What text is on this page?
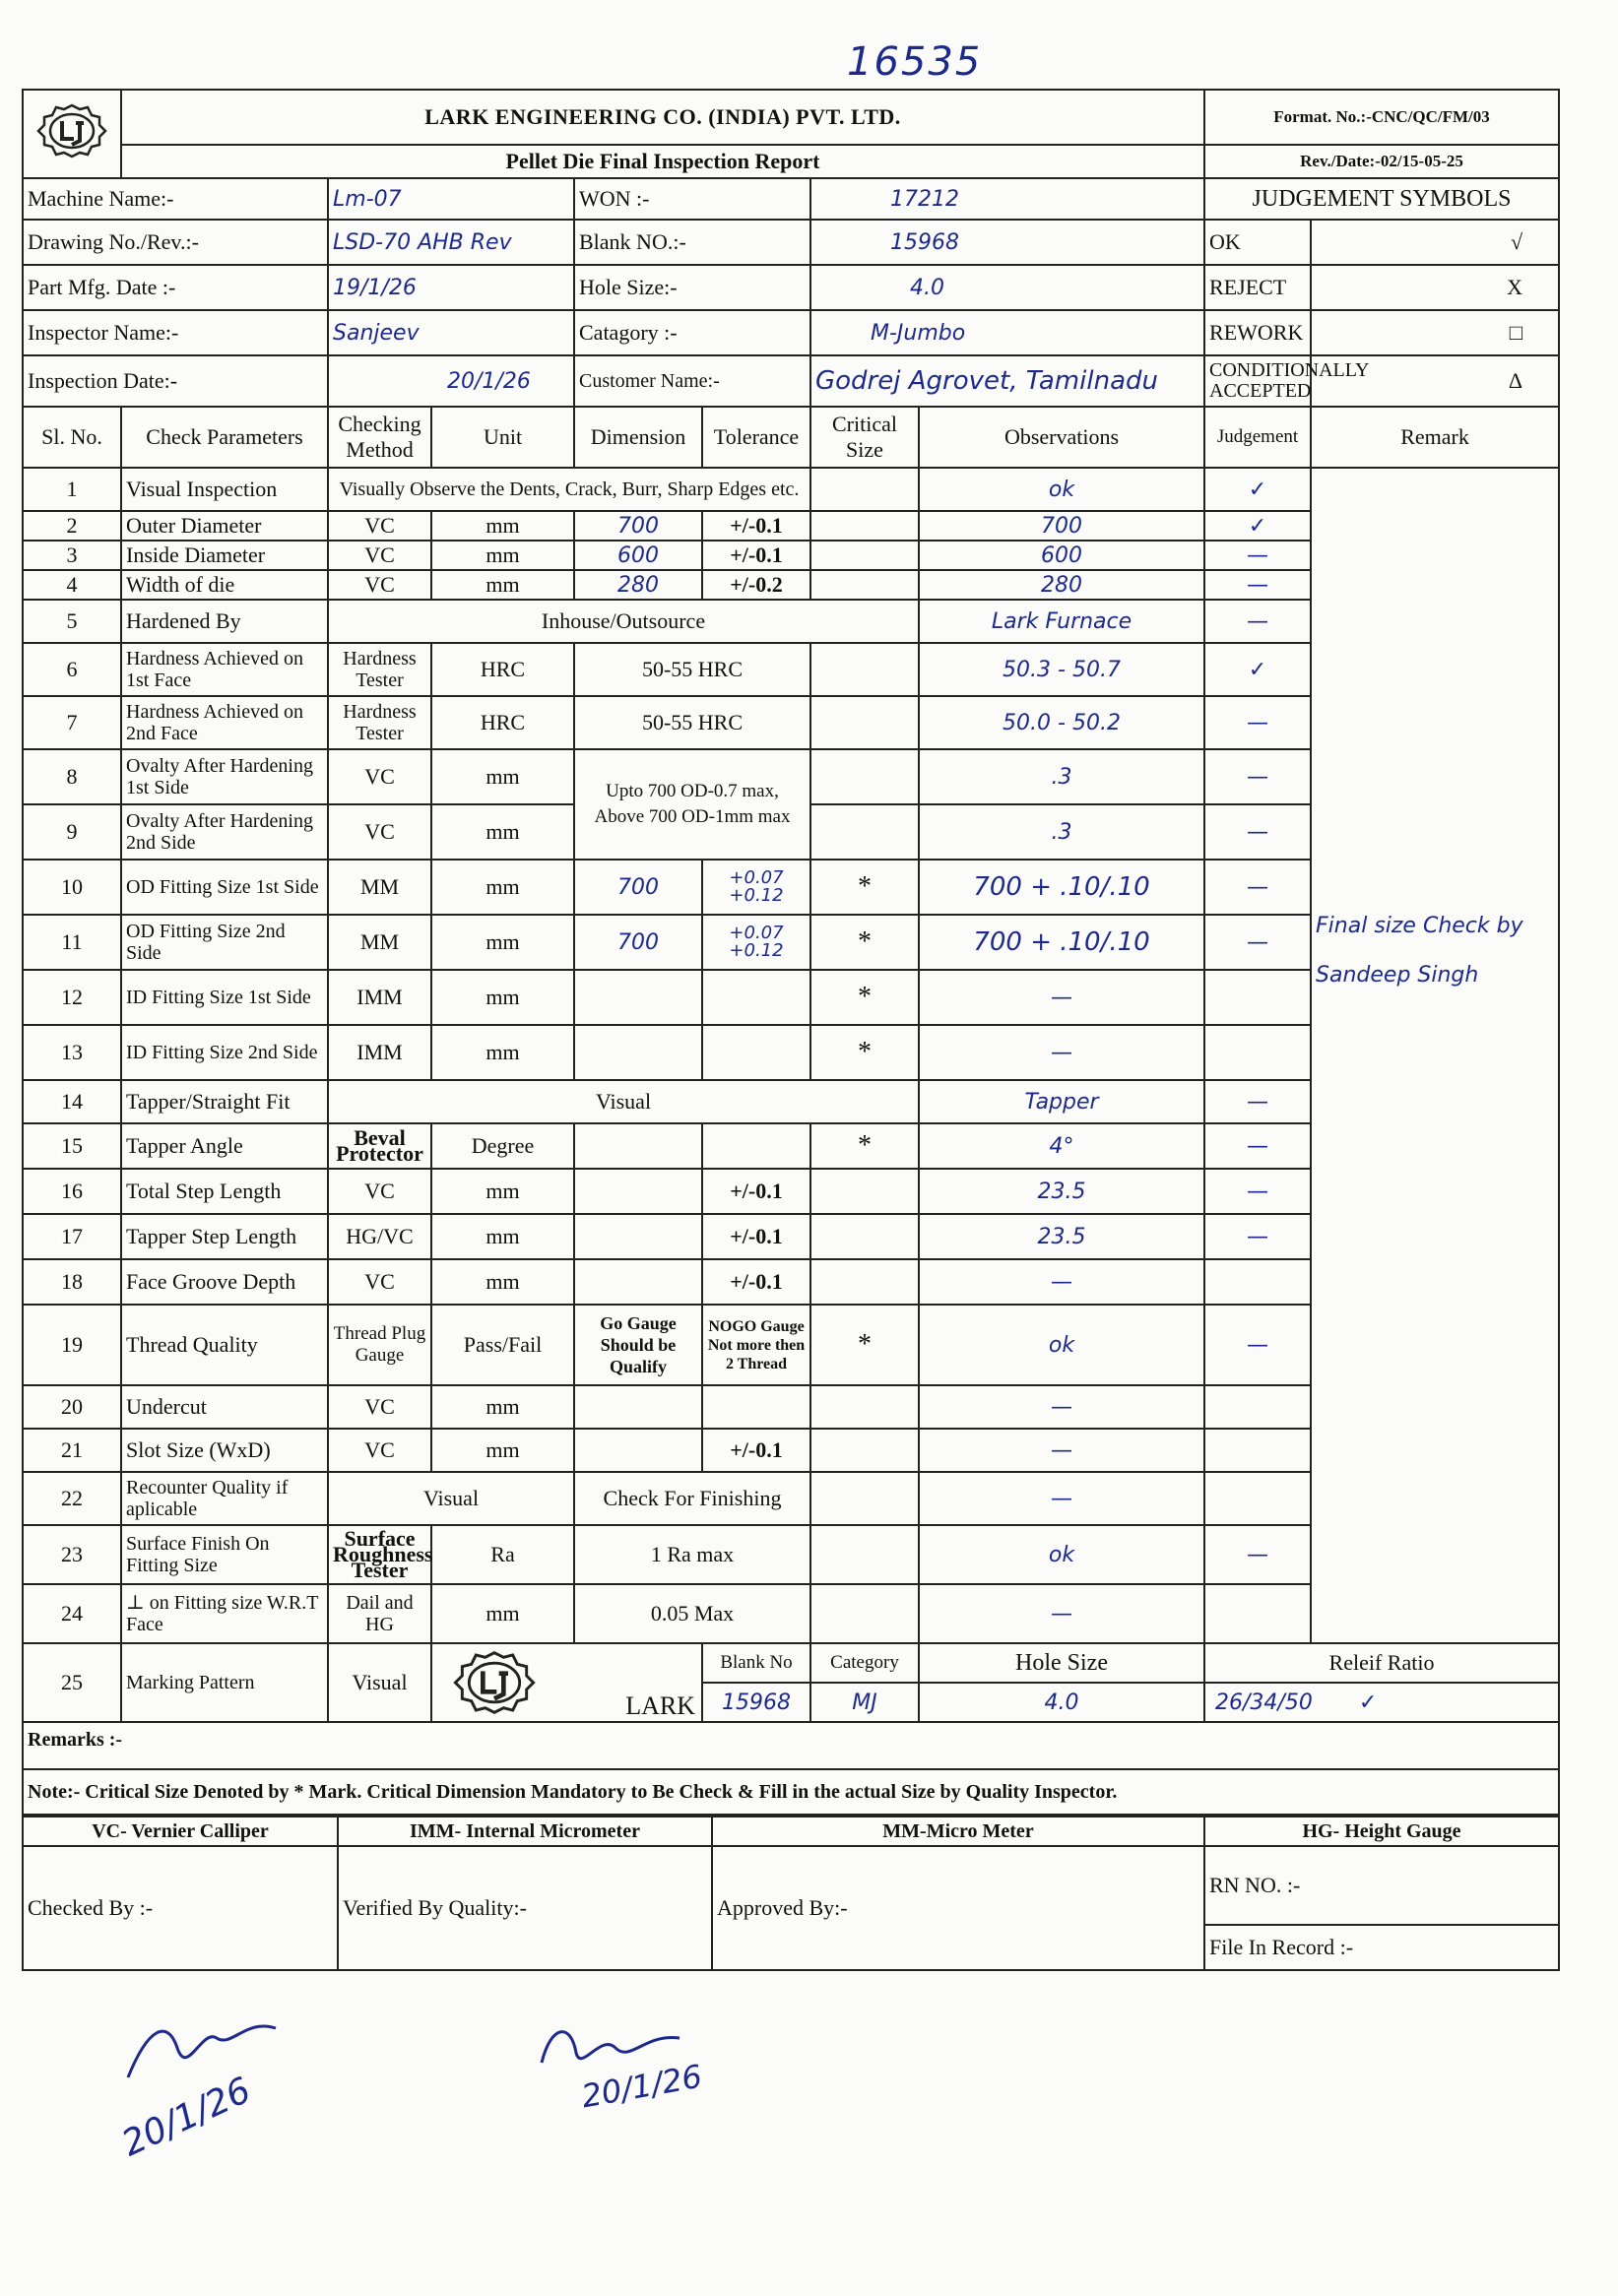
16535
	LARK ENGINEERING CO. (INDIA) PVT. LTD.							Format. No.:-CNC/QC/FM/03	
	Pellet Die Final Inspection Report							Rev./Date:-02/15-05-25	
Machine Name:-		Lm-07		WON :-		17212		JUDGEMENT SYMBOLS	
Drawing No./Rev.:-		LSD-70 AHB Rev		Blank NO.:-		15968		OK	√
Part Mfg. Date :-		19/1/26		Hole Size:-		4.0		REJECT	X
Inspector Name:-		Sanjeev		Catagory :-		M-Jumbo		REWORK	□
Inspection Date:-		20/1/26		Customer Name:-		Godrej Agrovet, Tamilnadu		CONDITIONALLY ACCEPTED	Δ
Sl. No.	Check Parameters	Checking Method	Unit	Dimension	Tolerance	Critical Size	Observations	Judgement	Remark
1	Visual Inspection	Visually Observe the Dents, Crack, Burr, Sharp Edges etc.					ok	✓	Final size Check by Sandeep Singh
2	Outer Diameter	VC	mm	700	+/-0.1		700	✓	
3	Inside Diameter	VC	mm	600	+/-0.1		600	—	
4	Width of die	VC	mm	280	+/-0.2		280	—	
5	Hardened By	Inhouse/Outsource					Lark Furnace	—	
6	Hardness Achieved on 1st Face	Hardness Tester	HRC	50-55 HRC			50.3 - 50.7	✓	
7	Hardness Achieved on 2nd Face	Hardness Tester	HRC	50-55 HRC			50.0 - 50.2	—	
8	Ovalty After Hardening 1st Side	VC	mm	Upto 700 OD-0.7 max, Above 700 OD-1mm max			.3	—	
9	Ovalty After Hardening 2nd Side	VC	mm				.3	—	
10	OD Fitting Size 1st Side	MM	mm	700	+0.07 +0.12	*	700 + .10/.10	—	
11	OD Fitting Size 2nd Side	MM	mm	700	+0.07 +0.12	*	700 + .10/.10	—	
12	ID Fitting Size 1st Side	IMM	mm			*	—		
13	ID Fitting Size 2nd Side	IMM	mm			*	—		
14	Tapper/Straight Fit	Visual					Tapper	—	
15	Tapper Angle	Beval Protector	Degree			*	4°	—	
16	Total Step Length	VC	mm		+/-0.1		23.5	—	
17	Tapper Step Length	HG/VC	mm		+/-0.1		23.5	—	
18	Face Groove Depth	VC	mm		+/-0.1		—		
19	Thread Quality	Thread Plug Gauge	Pass/Fail	Go Gauge Should be Qualify	NOGO Gauge Not more then 2 Thread	*	ok	—	
20	Undercut	VC	mm				—		
21	Slot Size (WxD)	VC	mm		+/-0.1		—		
22	Recounter Quality if aplicable	Visual		Check For Finishing			—		
23	Surface Finish On Fitting Size	Surface Roughness Tester	Ra	1 Ra max			ok	—	
24	⊥ on Fitting size W.R.T Face	Dail and HG	mm	0.05 Max			—		
25	Marking Pattern	Visual	LARK		Blank No	Category	Hole Size	Releif Ratio	
					15968	MJ	4.0	26/34/50 ✓	
Remarks :-									
Note:- Critical Size Denoted by * Mark. Critical Dimension Mandatory to Be Check & Fill in the actual Size by Quality Inspector.									
VC- Vernier Calliper	IMM- Internal Micrometer	MM-Micro Meter	HG- Height Gauge
Checked By :-	Verified By Quality:-	Approved By:-	RN NO. :-
			File In Record :-
20/1/26	20/1/26
